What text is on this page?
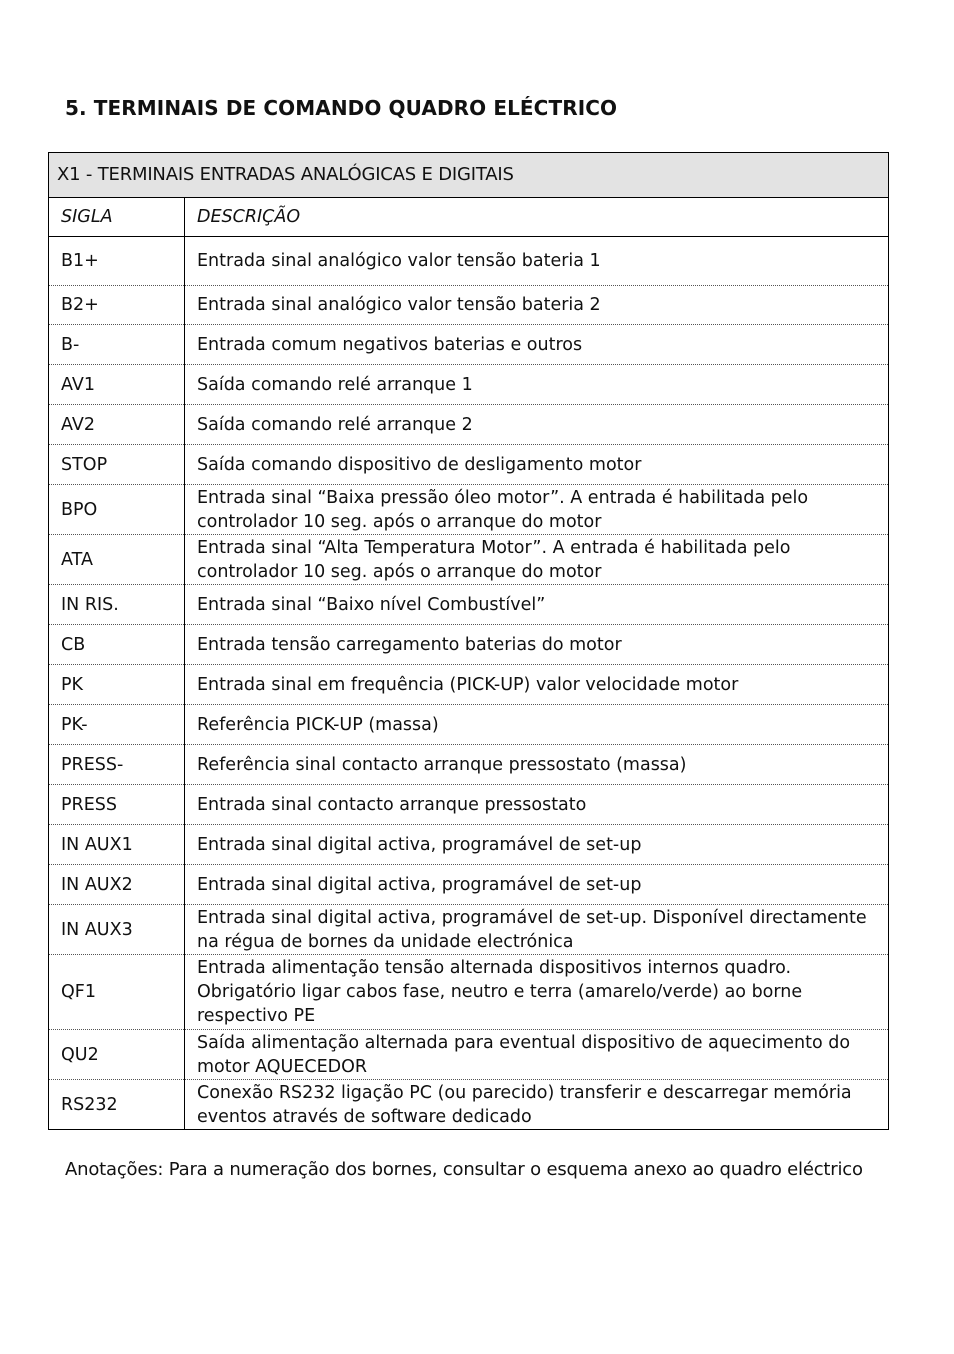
5. TERMINAIS DE COMANDO QUADRO ELÉCTRICO
X1 - TERMINAIS ENTRADAS ANALÓGICAS E DIGITAIS	
SIGLA	DESCRIÇÃO
B1+	Entrada sinal analógico valor tensão bateria 1
B2+	Entrada sinal analógico valor tensão bateria 2
B-	Entrada comum negativos baterias e outros
AV1	Saída comando relé arranque 1
AV2	Saída comando relé arranque 2
STOP	Saída comando dispositivo de desligamento motor
BPO	Entrada sinal “Baixa pressão óleo motor”. A entrada é habilitada pelo controlador 10 seg. após o arranque do motor
ATA	Entrada sinal “Alta Temperatura Motor”. A entrada é habilitada pelo controlador 10 seg. após o arranque do motor
IN RIS.	Entrada sinal “Baixo nível Combustível”
CB	Entrada tensão carregamento baterias do motor
PK	Entrada sinal em frequência (PICK-UP) valor velocidade motor
PK-	Referência PICK-UP (massa)
PRESS-	Referência sinal contacto arranque pressostato (massa)
PRESS	Entrada sinal contacto arranque pressostato
IN AUX1	Entrada sinal digital activa, programável de set-up
IN AUX2	Entrada sinal digital activa, programável de set-up
IN AUX3	Entrada sinal digital activa, programável de set-up. Disponível directamente na régua de bornes da unidade electrónica
QF1	Entrada alimentação tensão alternada dispositivos internos quadro. Obrigatório ligar cabos fase, neutro e terra (amarelo/verde) ao borne respectivo PE
QU2	Saída alimentação alternada para eventual dispositivo de aquecimento do motor AQUECEDOR
RS232	Conexão RS232 ligação PC (ou parecido) transferir e descarregar memória eventos através de software dedicado

Anotações: Para a numeração dos bornes, consultar o esquema anexo ao quadro eléctrico
